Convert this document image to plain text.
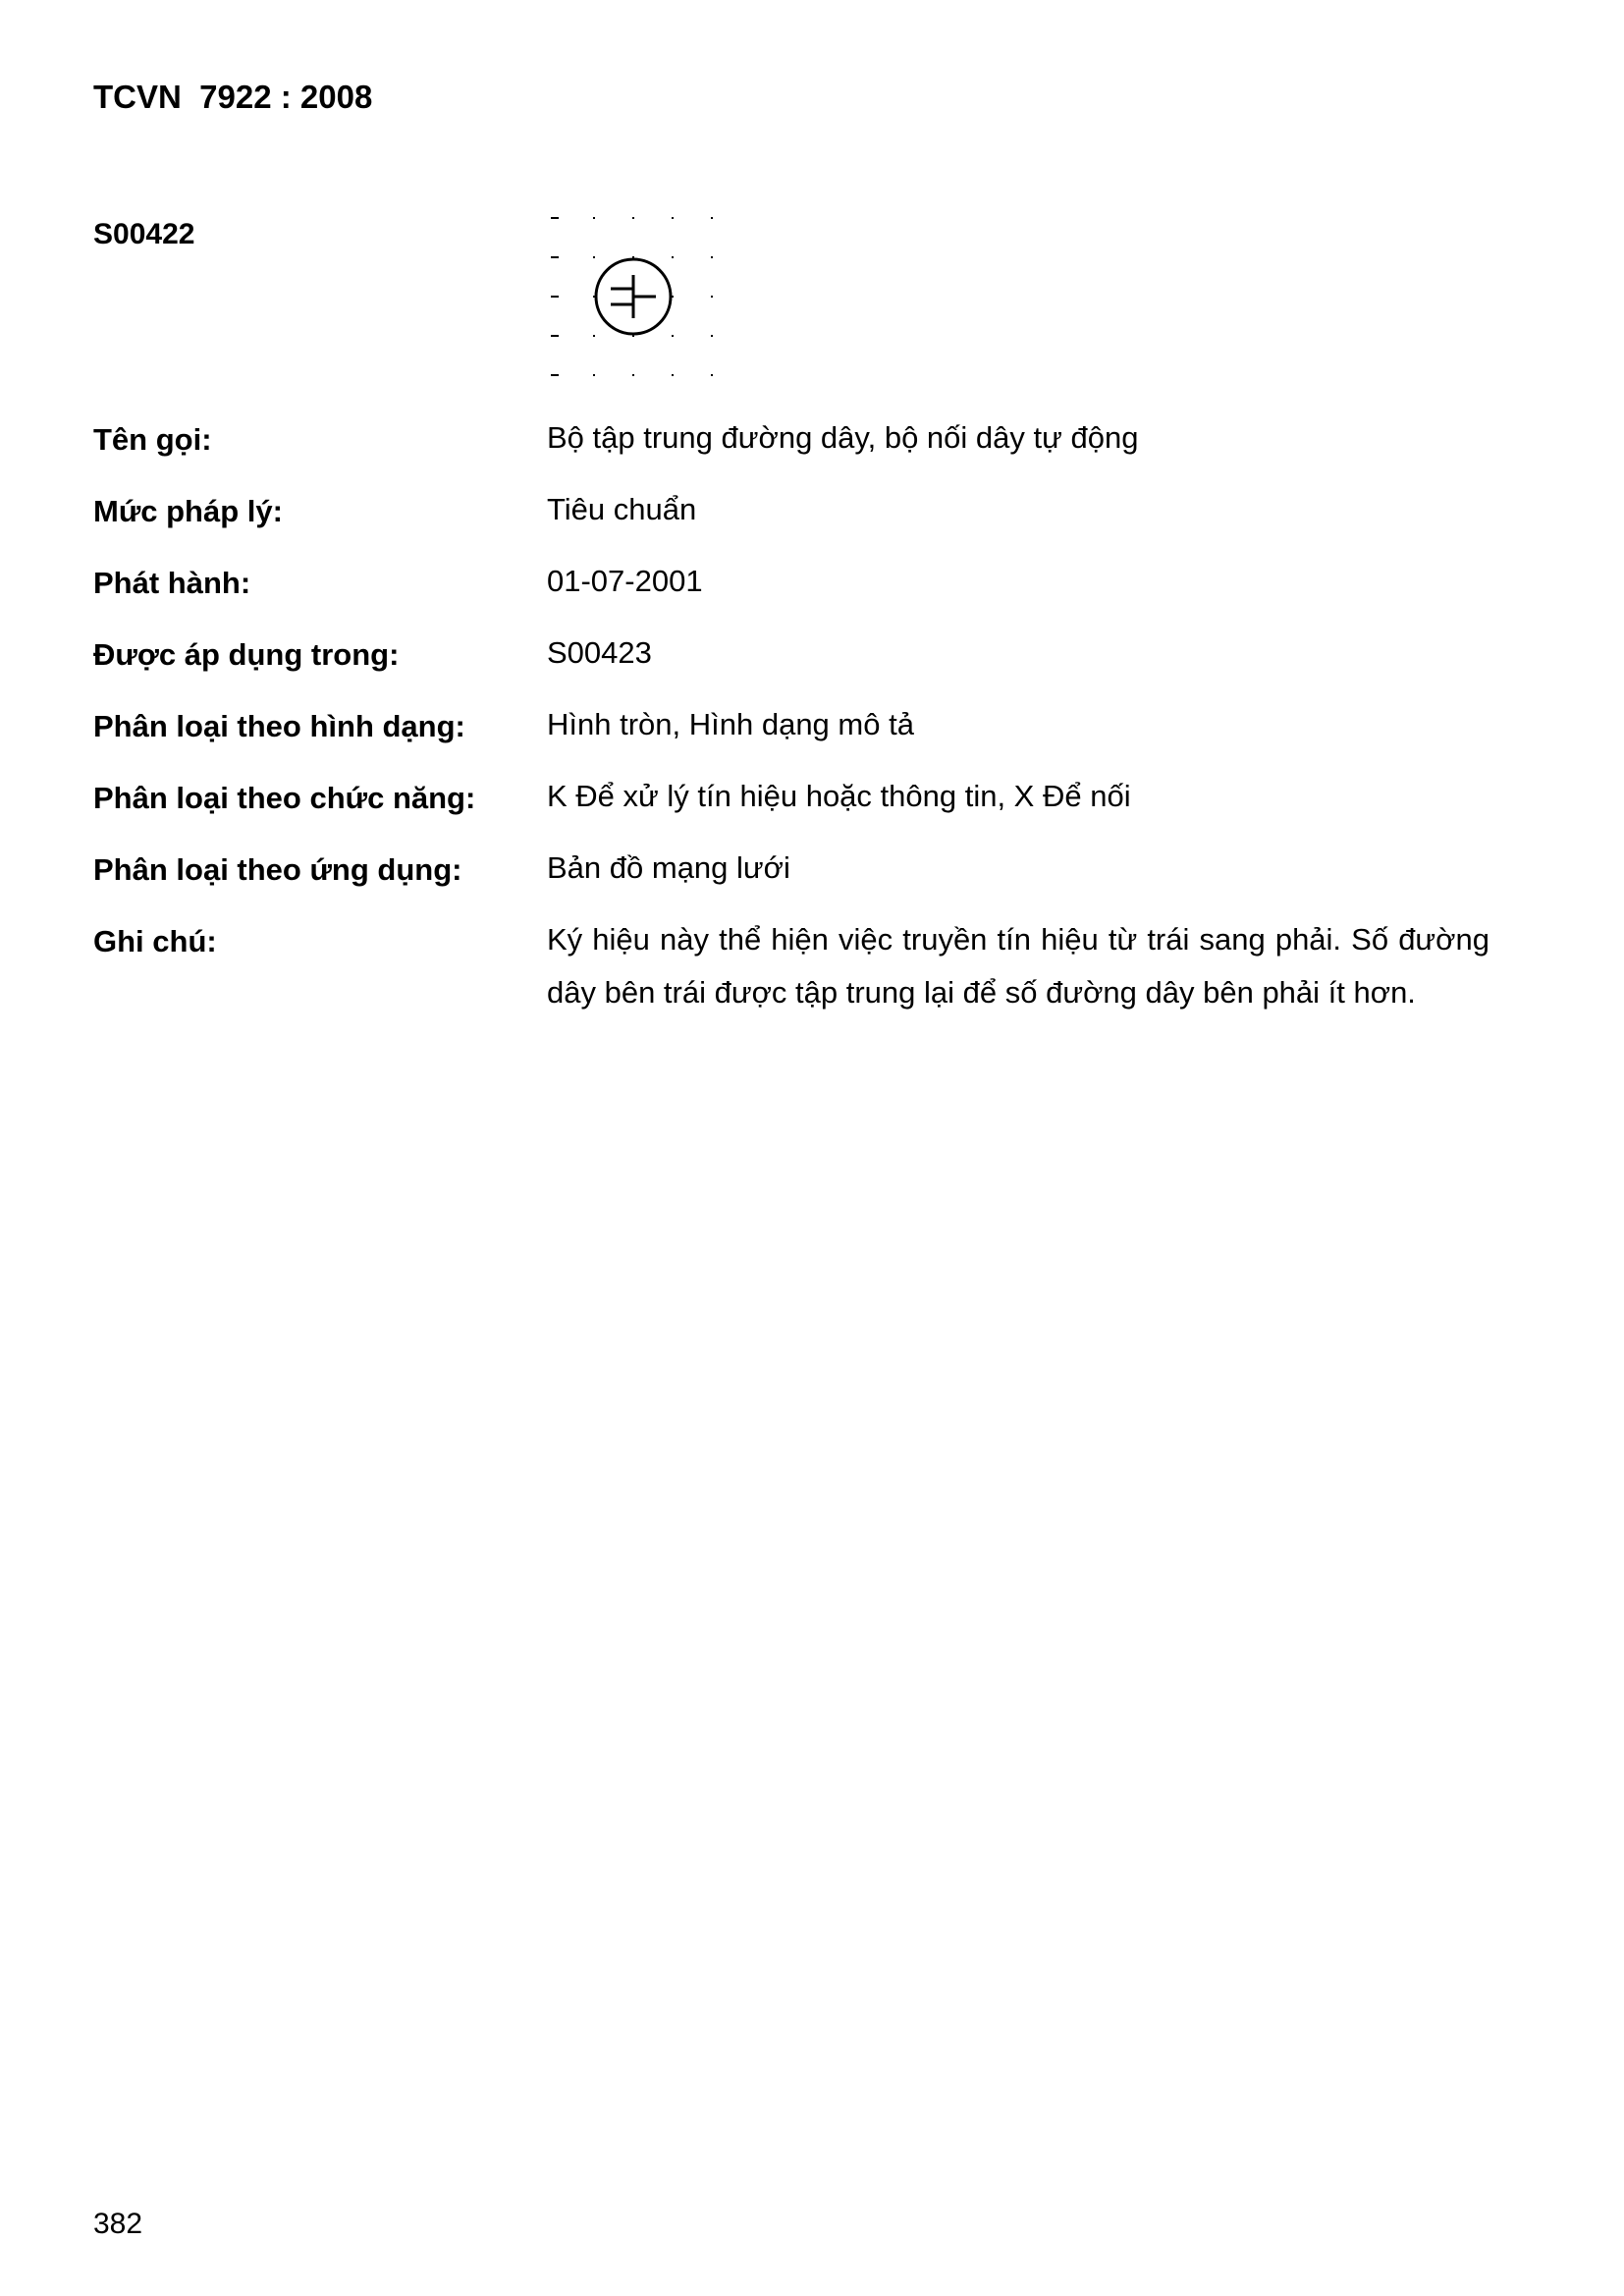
TCVN  7922 : 2008
S00422
Tên gọi:	Bộ tập trung đường dây, bộ nối dây tự động
Mức pháp lý:	Tiêu chuẩn
Phát hành:	01-07-2001
Được áp dụng trong:	S00423
Phân loại theo hình dạng:	Hình tròn, Hình dạng mô tả
Phân loại theo chức năng: K Để xử lý tín hiệu hoặc thông tin, X Để nối
Phân loại theo ứng dụng:	Bản đồ mạng lưới
Ghi chú:	Ký hiệu này thể hiện việc truyền tín hiệu từ trái sang phải. Số đường dây bên trái được tập trung lại để số đường dây bên phải ít hơn.
382
